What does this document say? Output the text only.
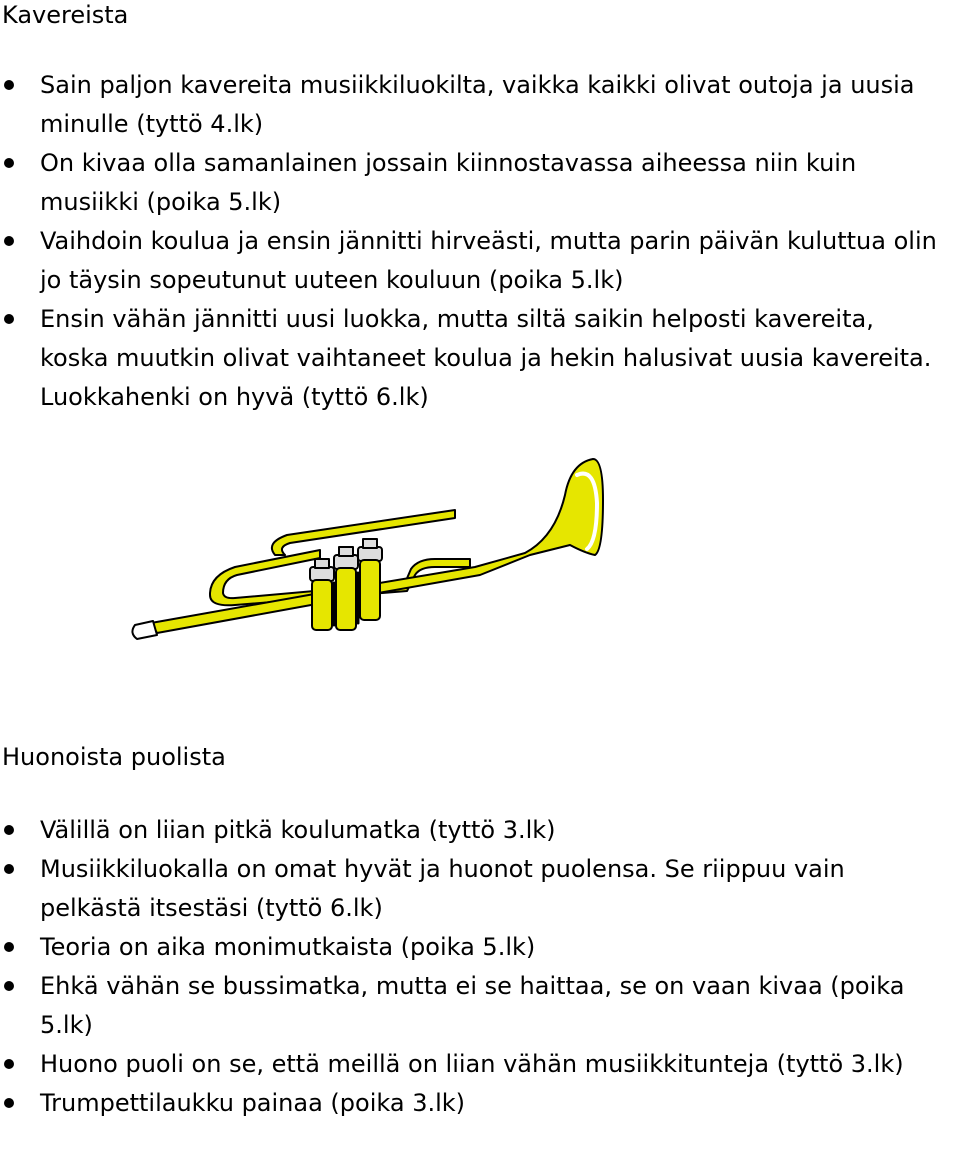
Kavereista
Sain paljon kavereita musiikkiluokilta, vaikka kaikki olivat outoja ja uusia minulle (tyttö 4.lk)
On kivaa olla samanlainen jossain kiinnostavassa aiheessa niin kuin musiikki (poika 5.lk)
Vaihdoin koulua ja ensin jännitti hirveästi, mutta parin päivän kuluttua olin jo täysin sopeutunut uuteen kouluun (poika 5.lk)
Ensin vähän jännitti uusi luokka, mutta siltä saikin helposti kavereita, koska muutkin olivat vaihtaneet koulua ja hekin halusivat uusia kavereita. Luokkahenki on hyvä (tyttö 6.lk)
Huonoista puolista
Välillä on liian pitkä koulumatka (tyttö 3.lk)
Musiikkiluokalla on omat hyvät ja huonot puolensa. Se riippuu vain pelkästä itsestäsi (tyttö 6.lk)
Teoria on aika monimutkaista (poika 5.lk)
Ehkä vähän se bussimatka, mutta ei se haittaa, se on vaan kivaa (poika 5.lk)
Huono puoli on se, että meillä on liian vähän musiikkitunteja (tyttö 3.lk)
Trumpettilaukku painaa (poika 3.lk)
